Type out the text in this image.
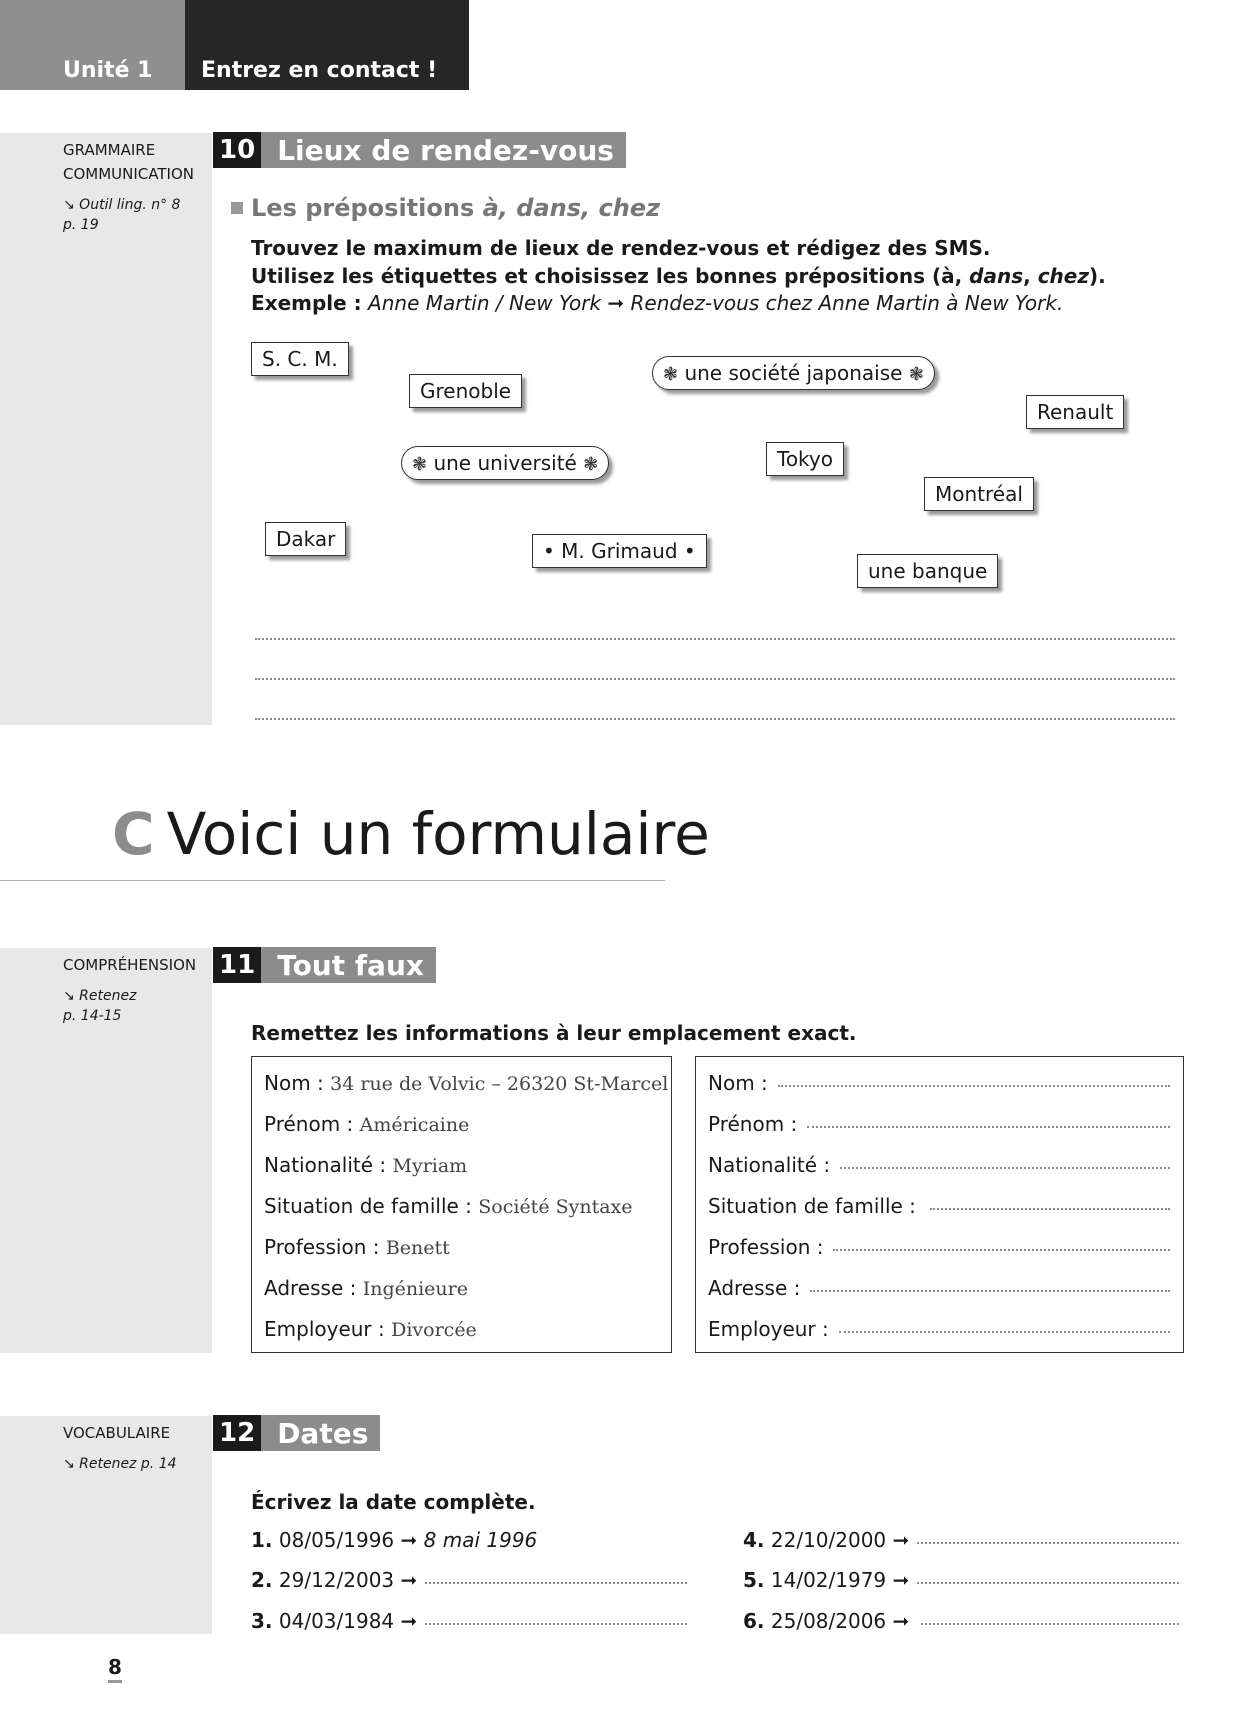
Unité 1 Entrez en contact !
GRAMMAIRE
COMMUNICATION
↘ Outil ling. n° 8
p. 19
10 Lieux de rendez-vous
Les prépositions à, dans, chez
Trouvez le maximum de lieux de rendez-vous et rédigez des SMS.
Utilisez les étiquettes et choisissez les bonnes prépositions (à, dans, chez).
Exemple : Anne Martin / New York ➞ Rendez-vous chez Anne Martin à New York.
S. C. M.
Grenoble
❃ une société japonaise ❃
Renault
❃ une université ❃	Tokyo
Montréal
Dakar	• M. Grimaud •
une banque
C Voici un formulaire
COMPRÉHENSION
↘ Retenez
p. 14-15
11 Tout faux
Remettez les informations à leur emplacement exact.
Nom : 34 rue de Volvic – 26320 St-Marcel
Prénom : Américaine
Nationalité : Myriam
Situation de famille : Société Syntaxe
Profession : Benett
Adresse : Ingénieure
Employeur : Divorcée
Nom :
Prénom :
Nationalité :
Situation de famille :
Profession :
Adresse :
Employeur :
VOCABULAIRE
↘ Retenez p. 14
12 Dates
Écrivez la date complète.
1.
08/05/1996
➞
8 mai 1996
2.
29/12/2003
➞
3.
04/03/1984
➞
4.
22/10/2000
➞
5.
14/02/1979
➞
6.
25/08/2006
➞
8
